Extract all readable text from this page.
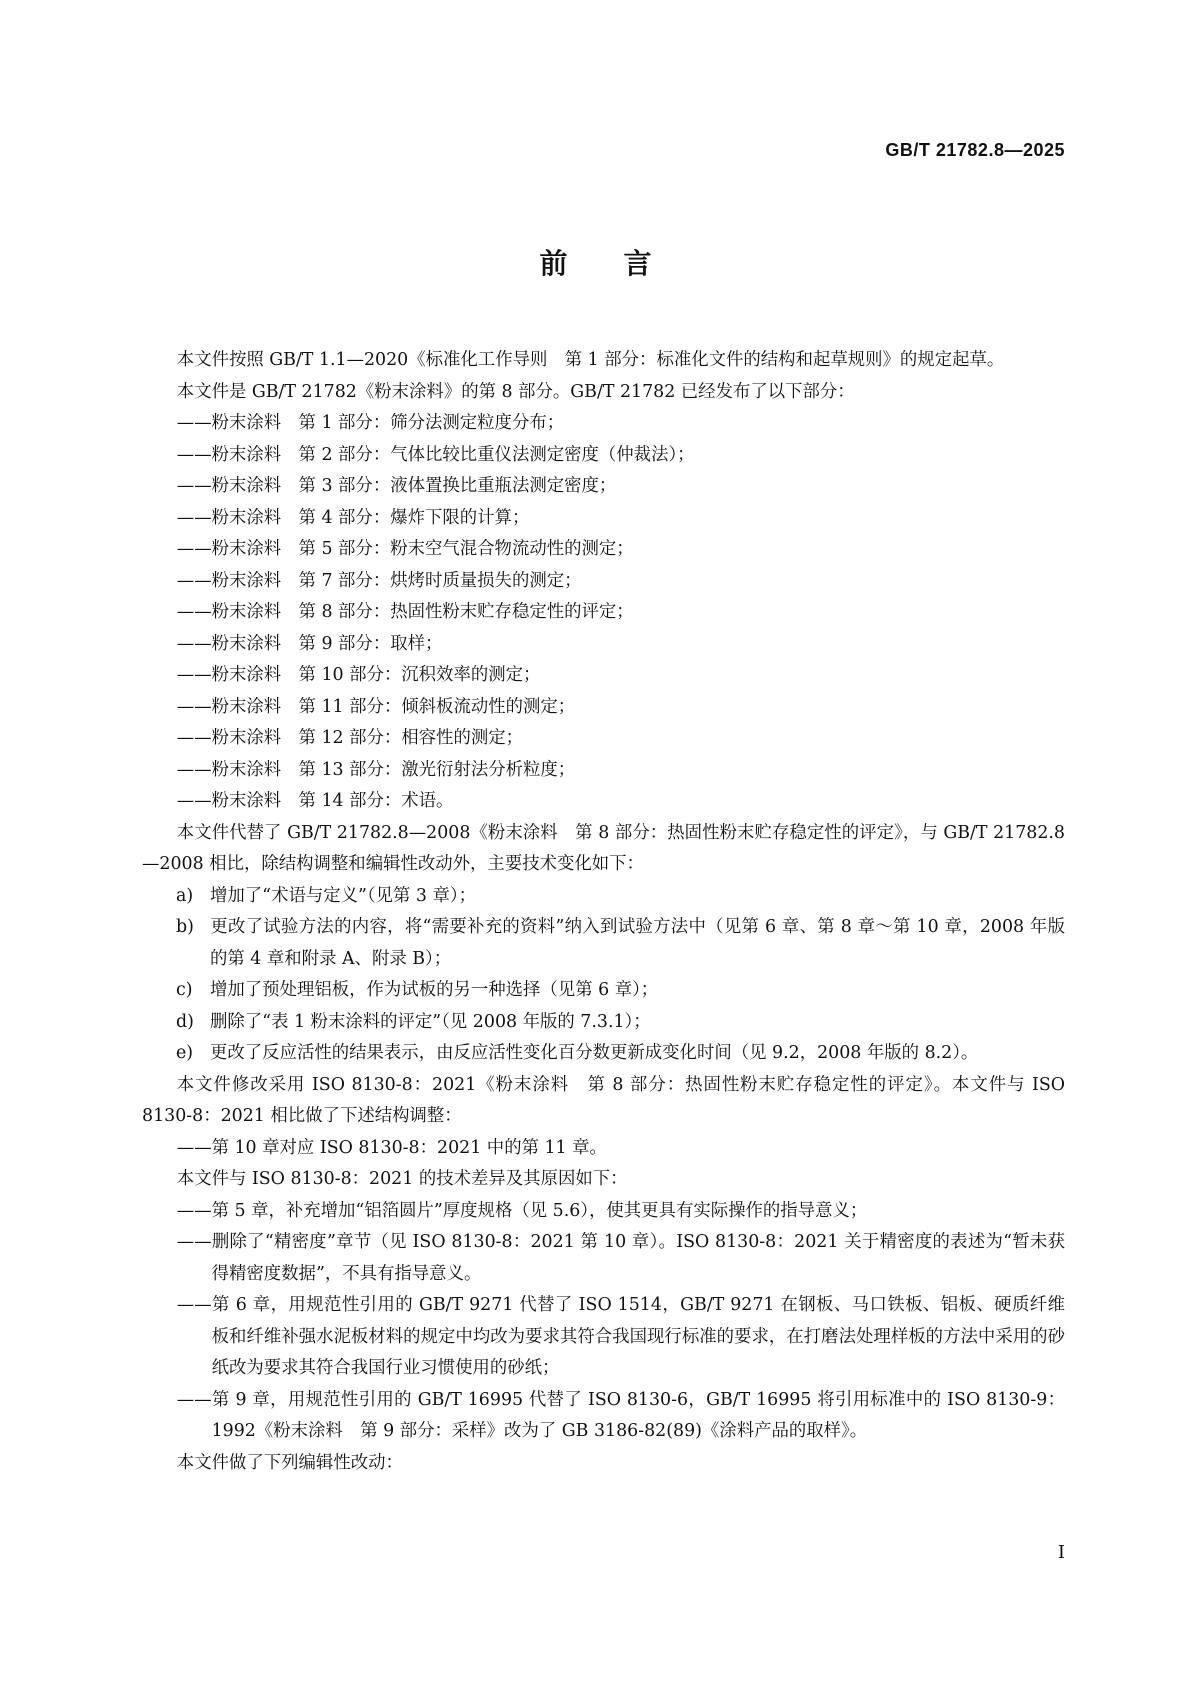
GB/T 21782.8—2025
前 言

本文件按照 GB/T 1.1—2020《标准化工作导则　第 1 部分：标准化文件的结构和起草规则》的规定起草。

本文件是 GB/T 21782《粉末涂料》的第 8 部分。GB/T 21782 已经发布了以下部分：

——粉末涂料　第 1 部分：筛分法测定粒度分布；

——粉末涂料　第 2 部分：气体比较比重仪法测定密度（仲裁法）；

——粉末涂料　第 3 部分：液体置换比重瓶法测定密度；

——粉末涂料　第 4 部分：爆炸下限的计算；

——粉末涂料　第 5 部分：粉末空气混合物流动性的测定；

——粉末涂料　第 7 部分：烘烤时质量损失的测定；

——粉末涂料　第 8 部分：热固性粉末贮存稳定性的评定；

——粉末涂料　第 9 部分：取样；

——粉末涂料　第 10 部分：沉积效率的测定；

——粉末涂料　第 11 部分：倾斜板流动性的测定；

——粉末涂料　第 12 部分：相容性的测定；

——粉末涂料　第 13 部分：激光衍射法分析粒度；

——粉末涂料　第 14 部分：术语。

本文件代替了 GB/T 21782.8—2008《粉末涂料　第 8 部分：热固性粉末贮存稳定性的评定》，与 GB/T 21782.8—2008 相比，除结构调整和编辑性改动外，主要技术变化如下：

a) 增加了“术语与定义”（见第 3 章）；

b) 更改了试验方法的内容，将“需要补充的资料”纳入到试验方法中（见第 6 章、第 8 章～第 10 章，2008 年版的第 4 章和附录 A、附录 B）；

c) 增加了预处理铝板，作为试板的另一种选择（见第 6 章）；

d) 删除了“表 1 粉末涂料的评定”（见 2008 年版的 7.3.1）；

e) 更改了反应活性的结果表示，由反应活性变化百分数更新成变化时间（见 9.2，2008 年版的 8.2）。

本文件修改采用 ISO 8130-8：2021《粉末涂料　第 8 部分：热固性粉末贮存稳定性的评定》。本文件与 ISO 8130-8：2021 相比做了下述结构调整：

——第 10 章对应 ISO 8130-8：2021 中的第 11 章。

本文件与 ISO 8130-8：2021 的技术差异及其原因如下：

——第 5 章，补充增加“铝箔圆片”厚度规格（见 5.6），使其更具有实际操作的指导意义；

——删除了“精密度”章节（见 ISO 8130-8：2021 第 10 章）。ISO 8130-8：2021 关于精密度的表述为“暂未获得精密度数据”，不具有指导意义。

——第 6 章，用规范性引用的 GB/T 9271 代替了 ISO 1514，GB/T 9271 在钢板、马口铁板、铝板、硬质纤维板和纤维补强水泥板材料的规定中均改为要求其符合我国现行标准的要求，在打磨法处理样板的方法中采用的砂纸改为要求其符合我国行业习惯使用的砂纸；

——第 9 章，用规范性引用的 GB/T 16995 代替了 ISO 8130-6，GB/T 16995 将引用标准中的 ISO 8130-9：1992《粉末涂料　第 9 部分：采样》改为了 GB 3186-82(89)《涂料产品的取样》。

本文件做了下列编辑性改动：

I
